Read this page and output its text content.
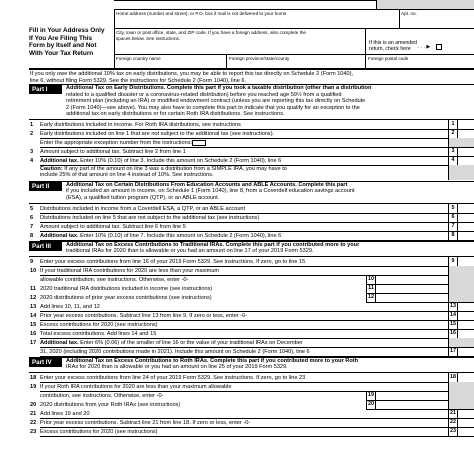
Home address (number and street), or P.O. box if mail is not delivered to your home	Apt. no.
City, town or post office, state, and ZIP code. If you have a foreign address, also complete the
spaces below. See instructions.
If this is an amended
return, check here . . . ▶
Foreign country name	Foreign province/state/county	Foreign postal code
Fill in Your Address Only
If You Are Filing This
Form by Itself and Not
With Your Tax Return
If you only owe the additional 10% tax on early distributions, you may be able to report this tax directly on Schedule 2 (Form 1040),
line 6, without filing Form 5329. See the instructions for Schedule 2 (Form 1040), line 6.
Part I	Additional Tax on Early Distributions. Complete this part if you took a taxable distribution (other than a distribution
related to a qualified disaster or a coronavirus-related distribution) before you reached age 59½ from a qualified
retirement plan (including an IRA) or modified endowment contract (unless you are reporting this tax directly on Schedule
2 (Form 1040)—see above). You may also have to complete this part to indicate that you qualify for an exception to the
additional tax on early distributions or for certain Roth IRA distributions. See instructions.
1 Early distributions included in income. For Roth IRA distributions, see instructions	1
2 Early distributions included on line 1 that are not subject to the additional tax (see instructions).	2
Enter the appropriate exception number from the instructions:
3 Amount subject to additional tax. Subtract line 2 from line 1	3
4 Additional tax. Enter 10% (0.10) of line 3. Include this amount on Schedule 2 (Form 1040), line 6	4
Caution: If any part of the amount on line 3 was a distribution from a SIMPLE IRA, you may have to
include 25% of that amount on line 4 instead of 10%. See instructions.
Part II	Additional Tax on Certain Distributions From Education Accounts and ABLE Accounts. Complete this part
if you included an amount in income, on Schedule 1 (Form 1040), line 8, from a Coverdell education savings account
(ESA), a qualified tuition program (QTP), or an ABLE account.
5 Distributions included in income from a Coverdell ESA, a QTP, or an ABLE account	5
6 Distributions included on line 5 that are not subject to the additional tax (see instructions)	6
7 Amount subject to additional tax. Subtract line 6 from line 5	7
8 Additional tax. Enter 10% (0.10) of line 7. Include this amount on Schedule 2 (Form 1040), line 6	8
Part III	Additional Tax on Excess Contributions to Traditional IRAs. Complete this part if you contributed more to your
traditional IRAs for 2020 than is allowable or you had an amount on line 17 of your 2019 Form 5329.
9 Enter your excess contributions from line 16 of your 2019 Form 5329. See instructions. If zero, go to line 15	9
10 If your traditional IRA contributions for 2020 are less than your maximum
allowable contribution, see instructions. Otherwise, enter -0-	10
11 2020 traditional IRA distributions included in income (see instructions)	11
12 2020 distributions of prior year excess contributions (see instructions)	12
13 Add lines 10, 11, and 12	13
14 Prior year excess contributions. Subtract line 13 from line 9. If zero or less, enter -0-	14
15 Excess contributions for 2020 (see instructions)	15
16 Total excess contributions. Add lines 14 and 15	16
17 Additional tax. Enter 6% (0.06) of the smaller of line 16 or the value of your traditional IRAs on December
31, 2020 (including 2020 contributions made in 2021). Include this amount on Schedule 2 (Form 1040), line 6	17
Part IV	Additional Tax on Excess Contributions to Roth IRAs. Complete this part if you contributed more to your Roth
IRAs for 2020 than is allowable or you had an amount on line 25 of your 2019 Form 5329.
18 Enter your excess contributions from line 24 of your 2019 Form 5329. See instructions. If zero, go to line 23	18
19 If your Roth IRA contributions for 2020 are less than your maximum allowable
contribution, see instructions. Otherwise, enter -0-	19
20 2020 distributions from your Roth IRAs (see instructions)	20
21 Add lines 19 and 20	21
22 Prior year excess contributions. Subtract line 21 from line 18. If zero or less, enter -0-	22
23 Excess contributions for 2020 (see instructions)	23
